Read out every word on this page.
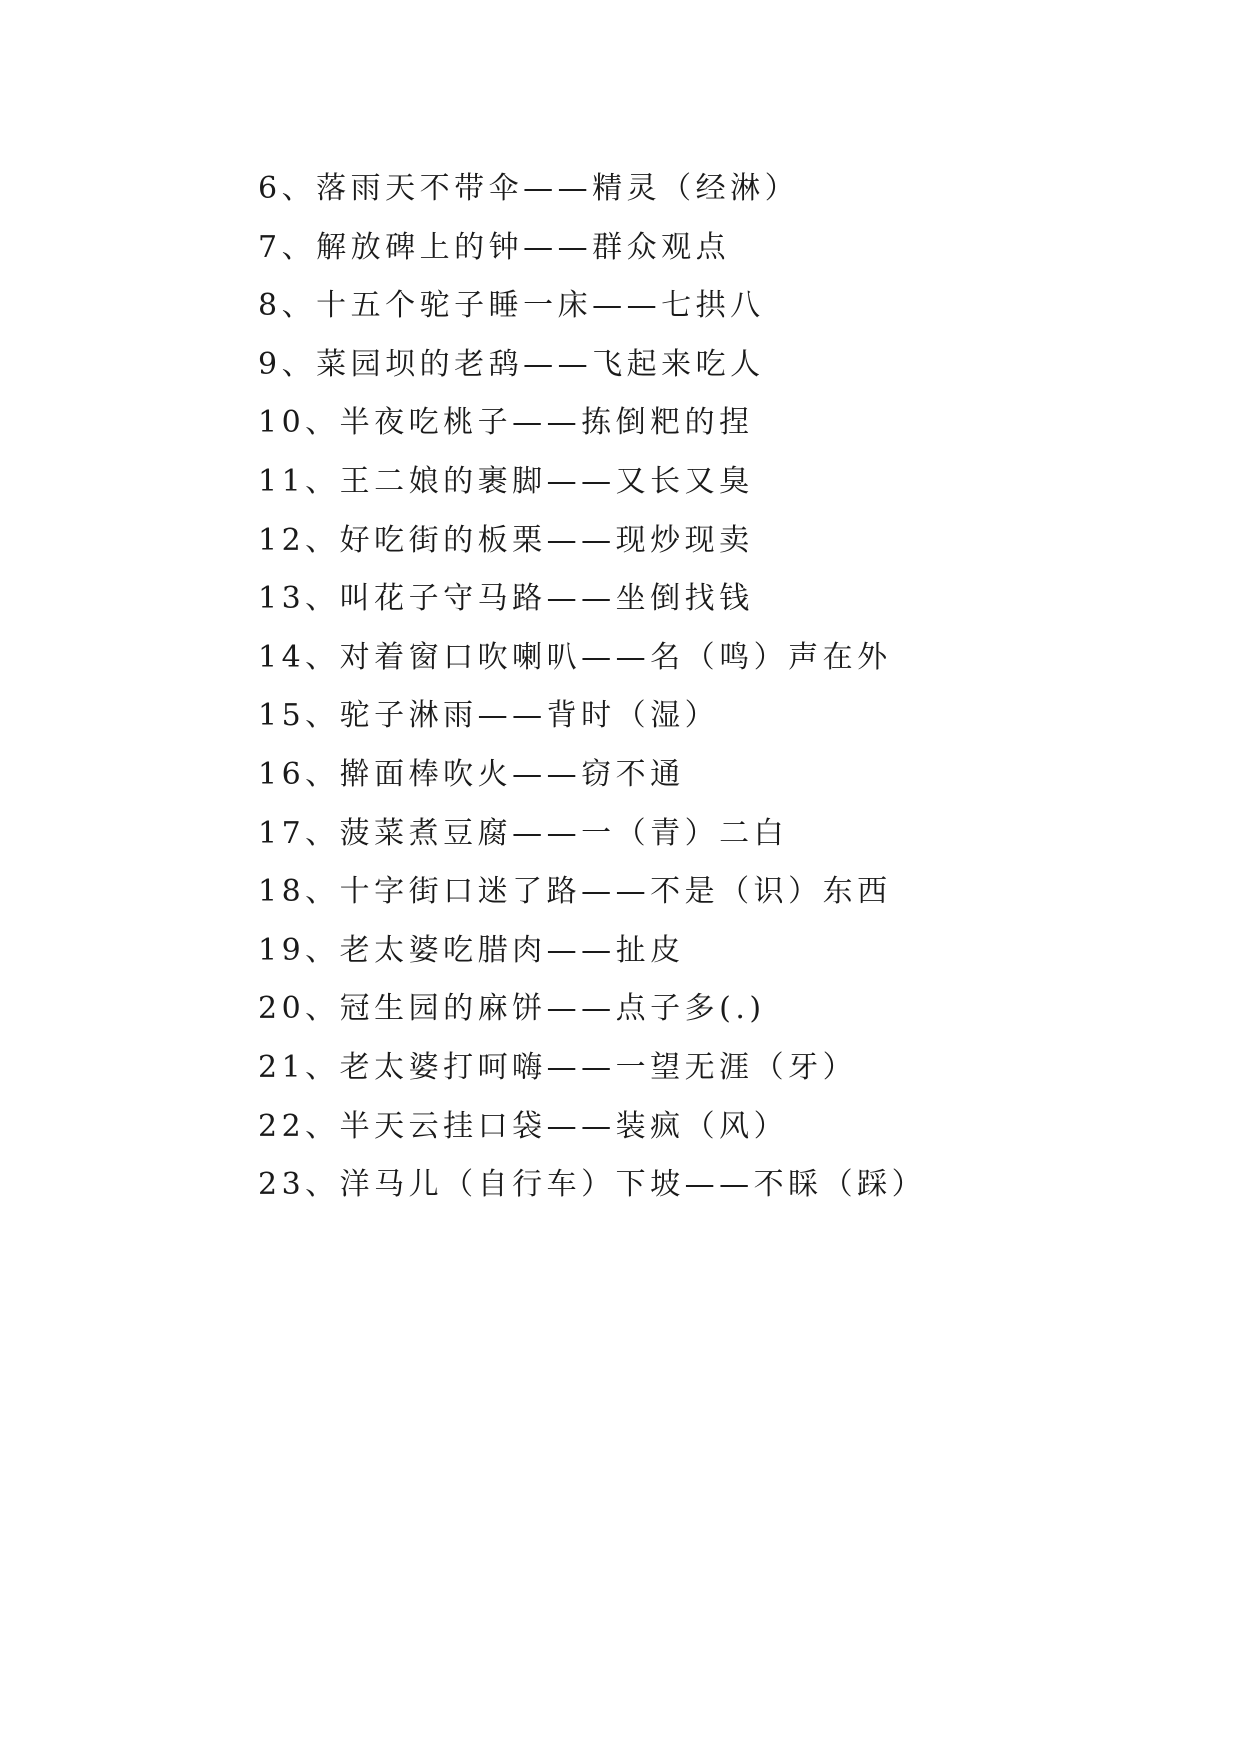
6、落雨天不带伞——精灵（经淋）
7、解放碑上的钟——群众观点
8、十五个驼子睡一床——七拱八
9、菜园坝的老鸹——飞起来吃人
10、半夜吃桃子——拣倒粑的捏
11、王二娘的裹脚——又长又臭
12、好吃街的板栗——现炒现卖
13、叫花子守马路——坐倒找钱
14、对着窗口吹喇叭——名（鸣）声在外
15、驼子淋雨——背时（湿）
16、擀面棒吹火——窃不通
17、菠菜煮豆腐——一（青）二白
18、十字街口迷了路——不是（识）东西
19、老太婆吃腊肉——扯皮
20、冠生园的麻饼——点子多(.)
21、老太婆打呵嗨——一望无涯（牙）
22、半天云挂口袋——装疯（风）
23、洋马儿（自行车）下坡——不睬（踩）
